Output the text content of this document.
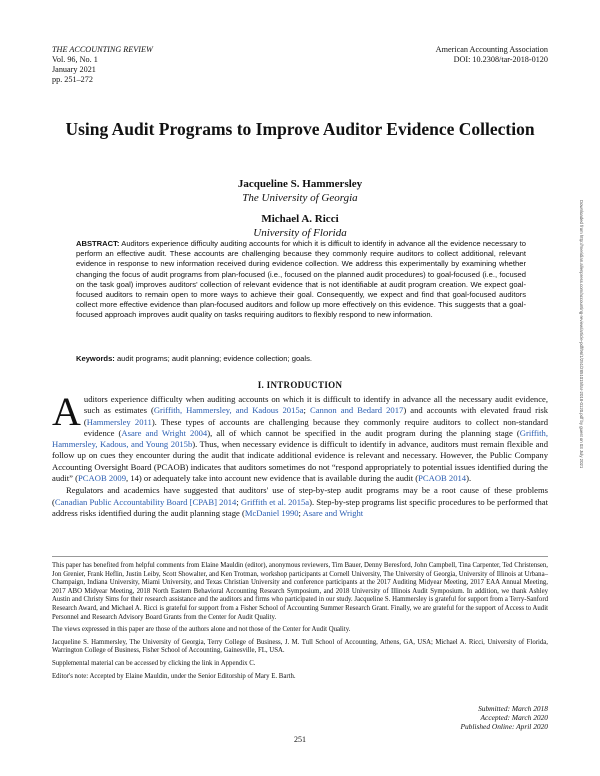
THE ACCOUNTING REVIEW
Vol. 96, No. 1
January 2021
pp. 251–272
American Accounting Association
DOI: 10.2308/tar-2018-0120
Using Audit Programs to Improve Auditor Evidence Collection
Jacqueline S. Hammersley
The University of Georgia
Michael A. Ricci
University of Florida
ABSTRACT: Auditors experience difficulty auditing accounts for which it is difficult to identify in advance all the evidence necessary to perform an effective audit. These accounts are challenging because they commonly require auditors to collect additional, relevant evidence in response to new information received during evidence collection. We address this experimentally by examining whether changing the focus of audit programs from plan-focused (i.e., focused on the planned audit procedures) to goal-focused (i.e., focused on the task goal) improves auditors' collection of relevant evidence that is not identifiable at audit program creation. We expect goal-focused auditors to remain open to more ways to achieve their goal. Consequently, we expect and find that goal-focused auditors collect more effective evidence than plan-focused auditors and follow up more effectively on this evidence. This suggests that a goal-focused approach improves audit quality on tasks requiring auditors to flexibly respond to new information.
Keywords: audit programs; audit planning; evidence collection; goals.
I. INTRODUCTION

Auditors experience difficulty when auditing accounts on which it is difficult to identify in advance all the necessary audit evidence, such as estimates (Griffith, Hammersley, and Kadous 2015a; Cannon and Bedard 2017) and accounts with elevated fraud risk (Hammersley 2011). These types of accounts are challenging because they commonly require auditors to collect non-standard evidence (Asare and Wright 2004), all of which cannot be specified in the audit program during the planning stage (Griffith, Hammersley, Kadous, and Young 2015b). Thus, when necessary evidence is difficult to identify in advance, auditors must remain flexible and follow up on cues they encounter during the audit that indicate additional evidence is relevant and necessary. However, the Public Company Accounting Oversight Board (PCAOB) indicates that auditors sometimes do not “respond appropriately to potential issues identified during the audit” (PCAOB 2009, 14) or adequately take into account new evidence that is available during the audit (PCAOB 2014).

Regulators and academics have suggested that auditors' use of step-by-step audit programs may be a root cause of these problems (Canadian Public Accountability Board [CPAB] 2014; Griffith et al. 2015a). Step-by-step programs list specific procedures to be performed that address risks identified during the audit planning stage (McDaniel 1990; Asare and Wright

This paper has benefited from helpful comments from Elaine Mauldin (editor), anonymous reviewers, Tim Bauer, Denny Beresford, John Campbell, Tina Carpenter, Ted Christensen, Jon Grenier, Frank Heflin, Justin Leiby, Scott Showalter, and Ken Trotman, workshop participants at Cornell University, The University of Georgia, University of Illinois at Urbana–Champaign, Indiana University, Miami University, and Texas Christian University and conference participants at the 2017 Auditing Midyear Meeting, 2017 EAA Annual Meeting, 2017 ABO Midyear Meeting, 2018 North Eastern Behavioral Accounting Research Symposium, and 2018 University of Illinois Audit Symposium. In addition, we thank Ashley Austin and Christy Sims for their research assistance and the auditors and firms who participated in our study. Jacqueline S. Hammersley is grateful for support from a Terry-Sanford Research Award, and Michael A. Ricci is grateful for support from a Fisher School of Accounting Summer Research Grant. Finally, we are grateful for the support of Access to Audit Personnel and Research Advisory Board Grants from the Center for Audit Quality.

The views expressed in this paper are those of the authors alone and not those of the Center for Audit Quality.

Jacqueline S. Hammersley, The University of Georgia, Terry College of Business, J. M. Tull School of Accounting, Athens, GA, USA; Michael A. Ricci, University of Florida, Warrington College of Business, Fisher School of Accounting, Gainesville, FL, USA.

Supplemental material can be accessed by clicking the link in Appendix C.

Editor's note: Accepted by Elaine Mauldin, under the Senior Editorship of Mary E. Barth.

Submitted: March 2018
Accepted: March 2020
Published Online: April 2020
251
Downloaded from http://meridian.allenpress.com/accounting-review/article-pdf/96/1/251/2851015/tar-2018-0120.pdf by guest on 03 July 2021
